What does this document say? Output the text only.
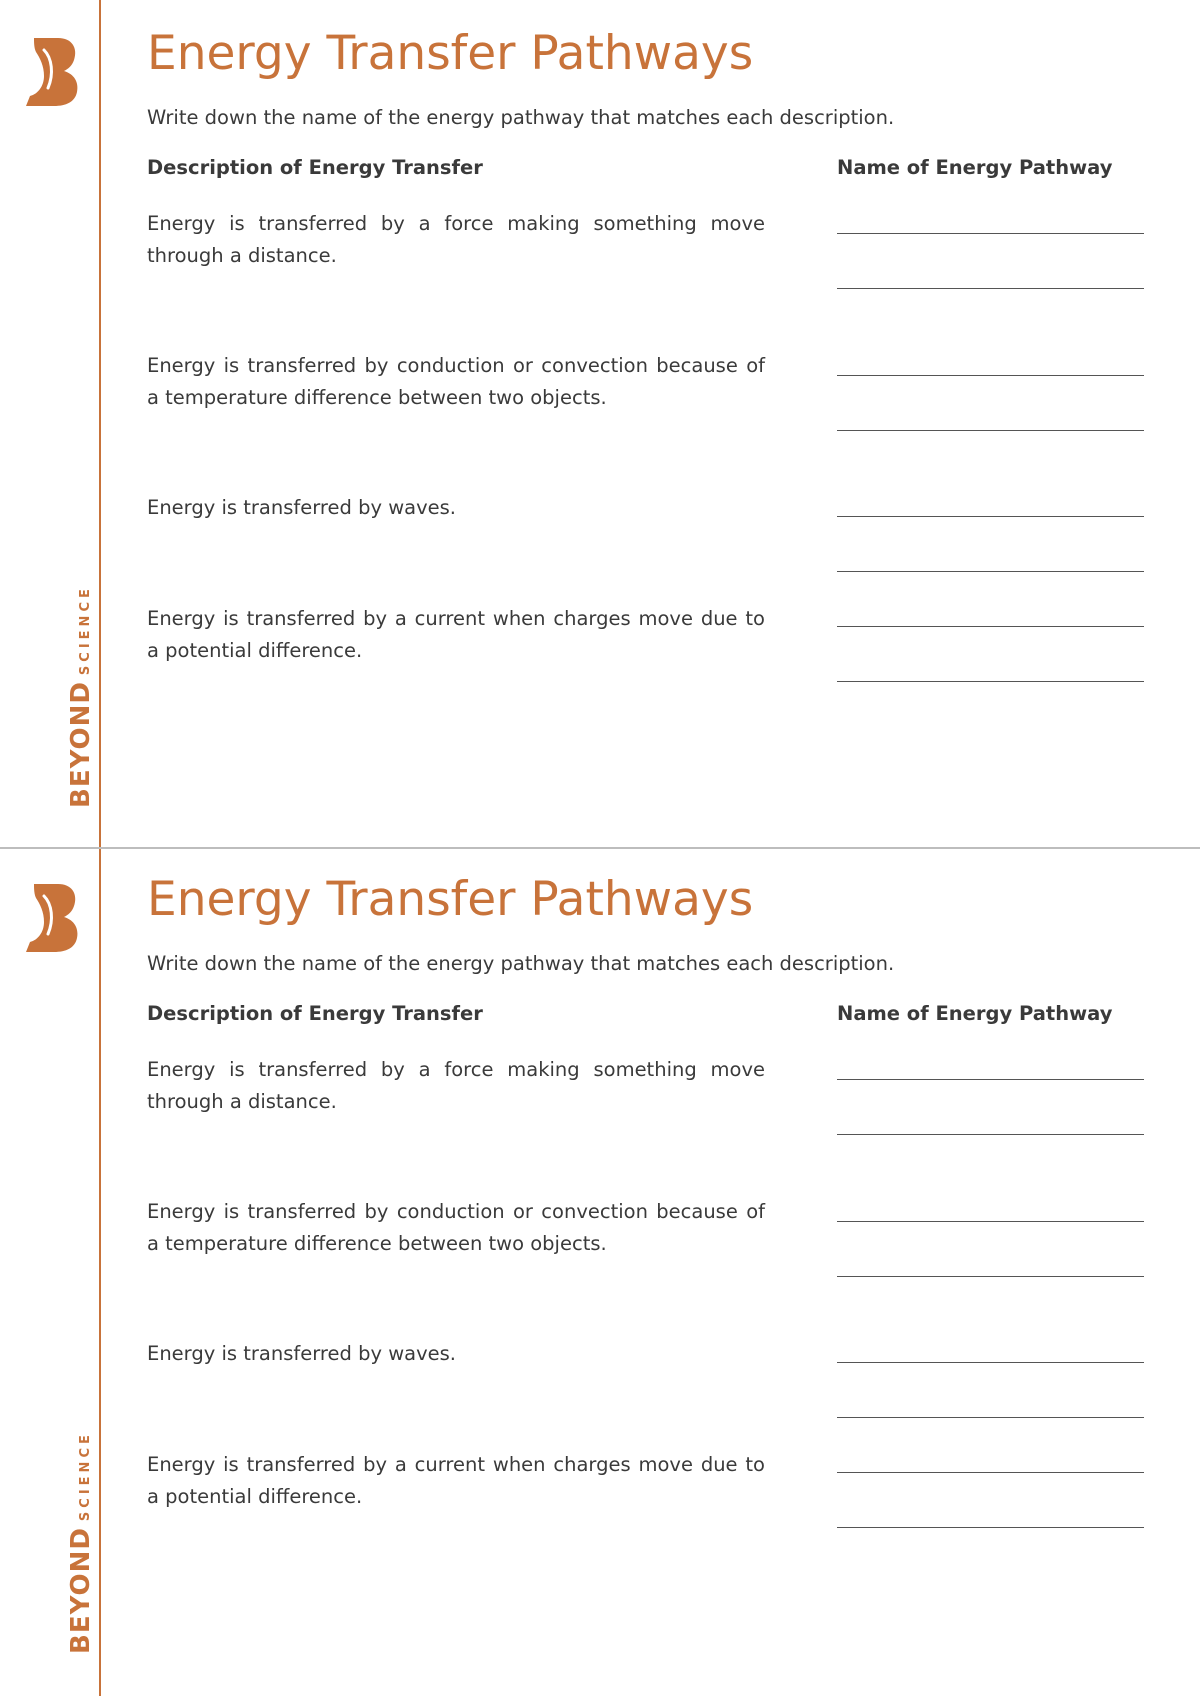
BEYONDSCIENCE
Energy Transfer Pathways
Write down the name of the energy pathway that matches each description.
Description of Energy Transfer	Name of Energy Pathway
Energy is transferred by a force making something move through a distance.
Energy is transferred by conduction or convection because of a temperature difference between two objects.
Energy is transferred by waves.
Energy is transferred by a current when charges move due to a potential difference.
BEYONDSCIENCE
Energy Transfer Pathways
Write down the name of the energy pathway that matches each description.
Description of Energy Transfer	Name of Energy Pathway
Energy is transferred by a force making something move through a distance.
Energy is transferred by conduction or convection because of a temperature difference between two objects.
Energy is transferred by waves.
Energy is transferred by a current when charges move due to a potential difference.
